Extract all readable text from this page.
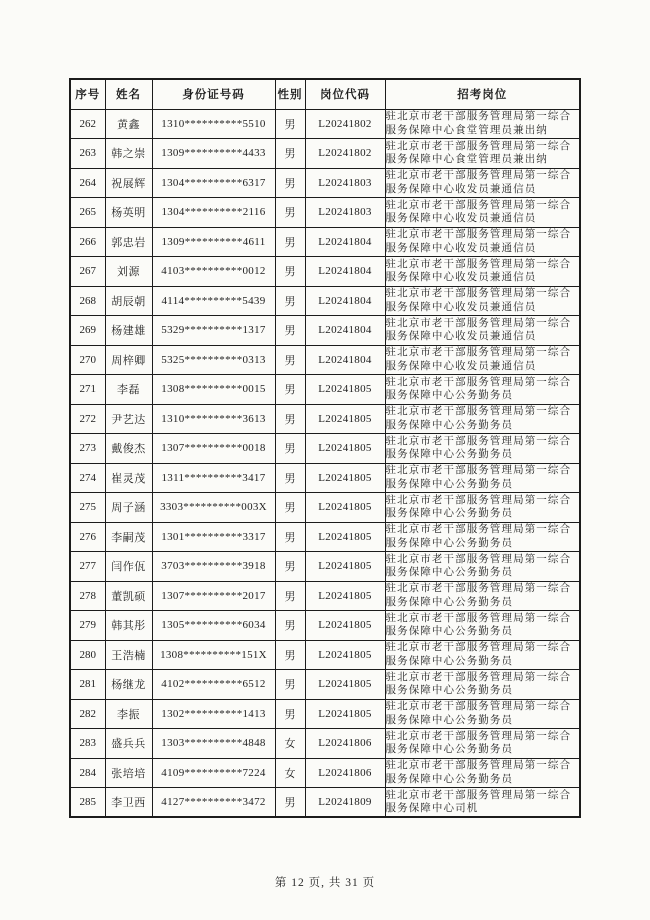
序号	姓名	身份证号码	性别	岗位代码	招考岗位
262	黄鑫	1310**********5510	男	L20241802	驻北京市老干部服务管理局第一综合服务保障中心食堂管理员兼出纳
263	韩之崇	1309**********4433	男	L20241802	驻北京市老干部服务管理局第一综合服务保障中心食堂管理员兼出纳
264	祝展辉	1304**********6317	男	L20241803	驻北京市老干部服务管理局第一综合服务保障中心收发员兼通信员
265	杨英明	1304**********2116	男	L20241803	驻北京市老干部服务管理局第一综合服务保障中心收发员兼通信员
266	郭忠岩	1309**********4611	男	L20241804	驻北京市老干部服务管理局第一综合服务保障中心收发员兼通信员
267	刘源	4103**********0012	男	L20241804	驻北京市老干部服务管理局第一综合服务保障中心收发员兼通信员
268	胡辰朝	4114**********5439	男	L20241804	驻北京市老干部服务管理局第一综合服务保障中心收发员兼通信员
269	杨建雄	5329**********1317	男	L20241804	驻北京市老干部服务管理局第一综合服务保障中心收发员兼通信员
270	周梓卿	5325**********0313	男	L20241804	驻北京市老干部服务管理局第一综合服务保障中心收发员兼通信员
271	李磊	1308**********0015	男	L20241805	驻北京市老干部服务管理局第一综合服务保障中心公务勤务员
272	尹艺达	1310**********3613	男	L20241805	驻北京市老干部服务管理局第一综合服务保障中心公务勤务员
273	戴俊杰	1307**********0018	男	L20241805	驻北京市老干部服务管理局第一综合服务保障中心公务勤务员
274	崔灵茂	1311**********3417	男	L20241805	驻北京市老干部服务管理局第一综合服务保障中心公务勤务员
275	周子涵	3303**********003X	男	L20241805	驻北京市老干部服务管理局第一综合服务保障中心公务勤务员
276	李嗣茂	1301**********3317	男	L20241805	驻北京市老干部服务管理局第一综合服务保障中心公务勤务员
277	闫作佤	3703**********3918	男	L20241805	驻北京市老干部服务管理局第一综合服务保障中心公务勤务员
278	董凯硕	1307**********2017	男	L20241805	驻北京市老干部服务管理局第一综合服务保障中心公务勤务员
279	韩其彤	1305**********6034	男	L20241805	驻北京市老干部服务管理局第一综合服务保障中心公务勤务员
280	王浩楠	1308**********151X	男	L20241805	驻北京市老干部服务管理局第一综合服务保障中心公务勤务员
281	杨继龙	4102**********6512	男	L20241805	驻北京市老干部服务管理局第一综合服务保障中心公务勤务员
282	李振	1302**********1413	男	L20241805	驻北京市老干部服务管理局第一综合服务保障中心公务勤务员
283	盛兵兵	1303**********4848	女	L20241806	驻北京市老干部服务管理局第一综合服务保障中心公务勤务员
284	张培培	4109**********7224	女	L20241806	驻北京市老干部服务管理局第一综合服务保障中心公务勤务员
285	李卫西	4127**********3472	男	L20241809	驻北京市老干部服务管理局第一综合服务保障中心司机
第 12 页, 共 31 页
